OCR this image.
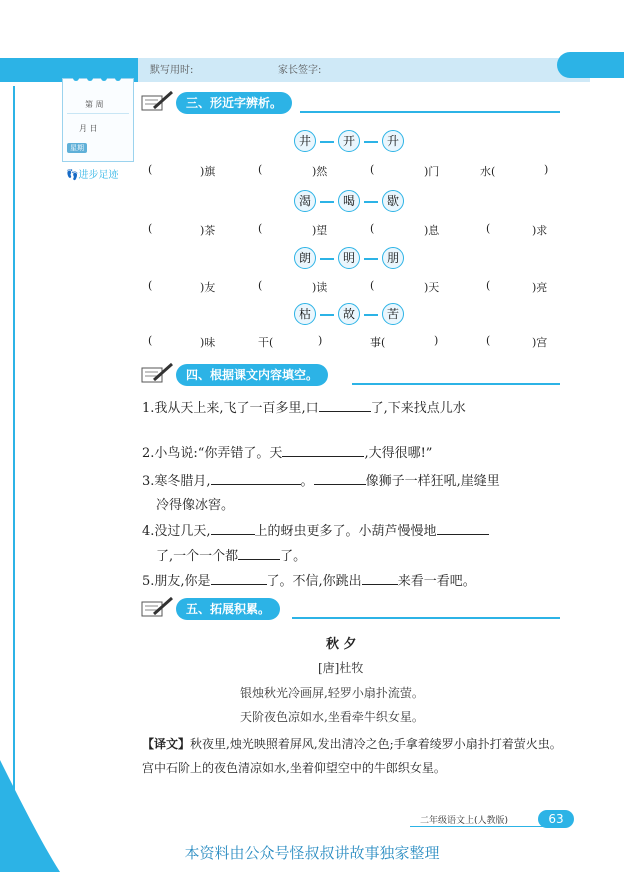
默写用时:	家长签字:
第 周
月 日
星期
👣进步足迹
三、形近字辨析。
井	开	升
(	)旗	(	)然	(	)门	水(	)
渴	喝	歇
(	)茶	(	)望	(	)息	(	)求
朗	明	朋
(	)友	(	)读	(	)天	(	)亮
枯	故	苦
(	)味	干(	)	事(	)	(	)宫
四、根据课文内容填空。
1.我从天上来,飞了一百多里,口	了,下来找点儿水
2.小鸟说:“你弄错了。天	,大得很哪!”
3.寒冬腊月,	。	像狮子一样狂吼,崖缝里
冷得像冰窖。
4.没过几天,	上的蚜虫更多了。小葫芦慢慢地
了,一个一个都	了。
5.朋友,你是	了。不信,你跳出	来看一看吧。
五、拓展积累。
秋 夕
[唐]杜牧
银烛秋光冷画屏,轻罗小扇扑流萤。
天阶夜色凉如水,坐看牵牛织女星。
【译文】秋夜里,烛光映照着屏风,发出清冷之色;手拿着绫罗小扇扑打着萤火虫。宫中石阶上的夜色清凉如水,坐着仰望空中的牛郎织女星。
二年级语文上(人教版)	63
本资料由公众号怪叔叔讲故事独家整理
